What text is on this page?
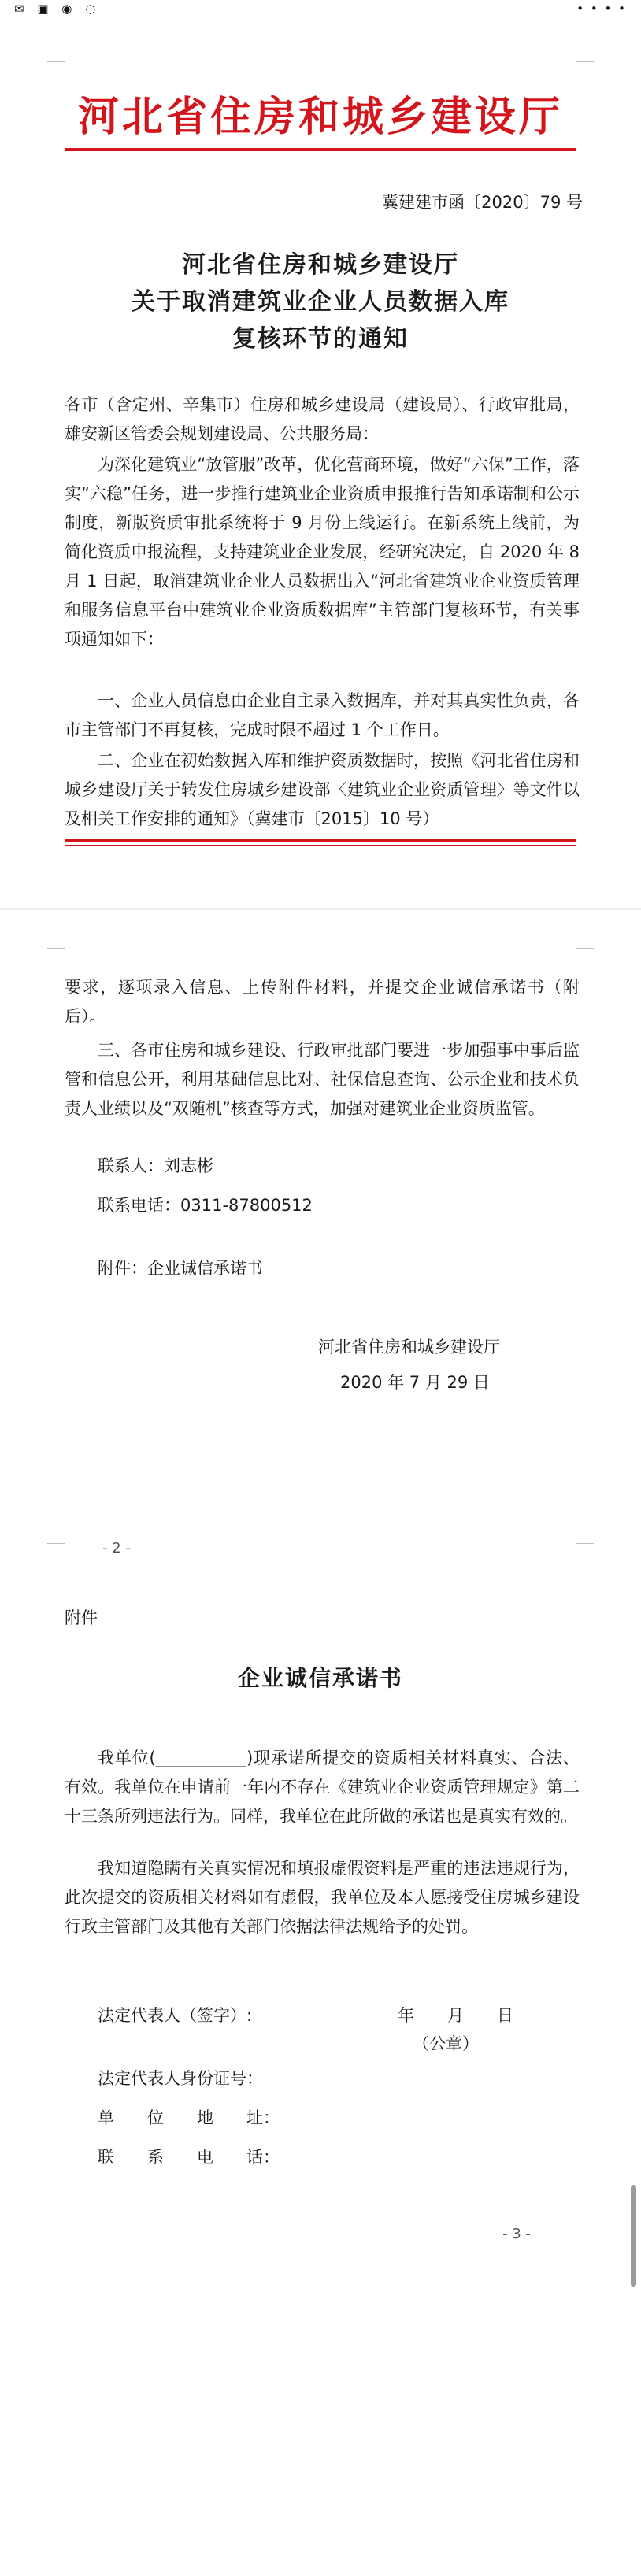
✉ ▣ ◉ ◌	• • • •
河北省住房和城乡建设厅
冀建建市函〔2020〕79 号
河北省住房和城乡建设厅
关于取消建筑业企业人员数据入库
复核环节的通知
各市（含定州、辛集市）住房和城乡建设局（建设局）、行政审批局，雄安新区管委会规划建设局、公共服务局：
为深化建筑业“放管服”改革，优化营商环境，做好“六保”工作，落实“六稳”任务，进一步推行建筑业企业资质申报推行告知承诺制和公示制度，新版资质审批系统将于 9 月份上线运行。在新系统上线前，为简化资质申报流程，支持建筑业企业发展，经研究决定，自 2020 年 8 月 1 日起，取消建筑业企业人员数据出入“河北省建筑业企业资质管理和服务信息平台中建筑业企业资质数据库”主管部门复核环节，有关事项通知如下：
一、企业人员信息由企业自主录入数据库，并对其真实性负责，各市主管部门不再复核，完成时限不超过 1 个工作日。
二、企业在初始数据入库和维护资质数据时，按照《河北省住房和城乡建设厅关于转发住房城乡建设部〈建筑业企业资质管理〉等文件以及相关工作安排的通知》（冀建市〔2015〕10 号）
要求，逐项录入信息、上传附件材料，并提交企业诚信承诺书（附后）。
三、各市住房和城乡建设、行政审批部门要进一步加强事中事后监管和信息公开，利用基础信息比对、社保信息查询、公示企业和技术负责人业绩以及“双随机”核查等方式，加强对建筑业企业资质监管。
联系人：刘志彬
联系电话：0311-87800512
附件：企业诚信承诺书
河北省住房和城乡建设厅
2020 年 7 月 29 日
- 2 -
附件
企业诚信承诺书
我单位(___________)现承诺所提交的资质相关材料真实、合法、有效。我单位在申请前一年内不存在《建筑业企业资质管理规定》第二十三条所列违法行为。同样，我单位在此所做的承诺也是真实有效的。
我知道隐瞒有关真实情况和填报虚假资料是严重的违法违规行为，此次提交的资质相关材料如有虚假，我单位及本人愿接受住房城乡建设行政主管部门及其他有关部门依据法律法规给予的处罚。
法定代表人（签字）:	年　　月　　日
（公章）
法定代表人身份证号：
单　　位　　地　　址：
联　　系　　电　　话：
- 3 -
